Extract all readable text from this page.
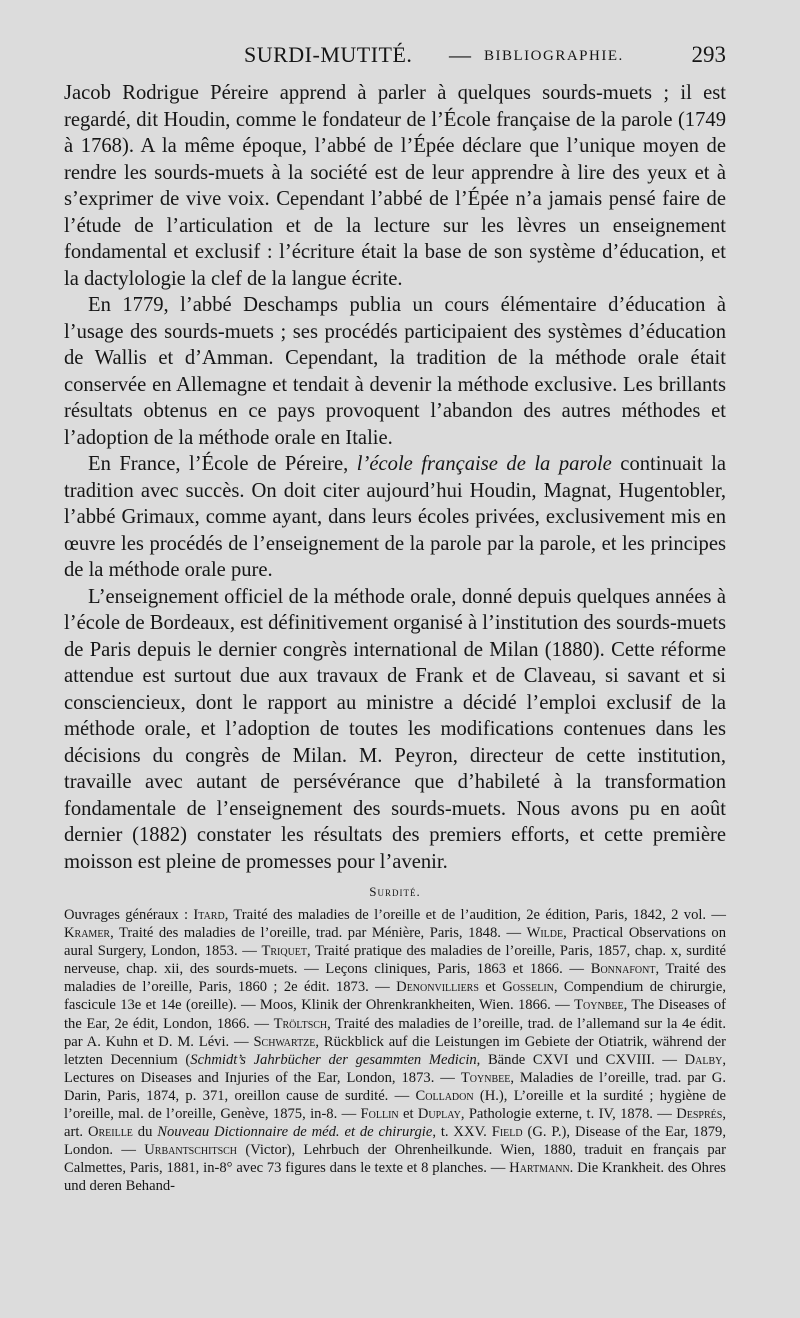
SURDI-MUTITÉ. — BIBLIOGRAPHIE.	293

Jacob Rodrigue Péreire apprend à parler à quelques sourds-muets ; il est regardé, dit Houdin, comme le fondateur de l’École française de la parole (1749 à 1768). A la même époque, l’abbé de l’Épée déclare que l’unique moyen de rendre les sourds-muets à la société est de leur apprendre à lire des yeux et à s’exprimer de vive voix. Cependant l’abbé de l’Épée n’a jamais pensé faire de l’étude de l’articulation et de la lecture sur les lèvres un enseignement fondamental et exclusif : l’écriture était la base de son système d’éducation, et la dactylologie la clef de la langue écrite.

En 1779, l’abbé Deschamps publia un cours élémentaire d’éducation à l’usage des sourds-muets ; ses procédés participaient des systèmes d’éducation de Wallis et d’Amman. Cependant, la tradition de la méthode orale était conservée en Allemagne et tendait à devenir la méthode exclusive. Les brillants résultats obtenus en ce pays provoquent l’abandon des autres méthodes et l’adoption de la méthode orale en Italie.

En France, l’École de Péreire, l’école française de la parole continuait la tradition avec succès. On doit citer aujourd’hui Houdin, Magnat, Hugentobler, l’abbé Grimaux, comme ayant, dans leurs écoles privées, exclusivement mis en œuvre les procédés de l’enseignement de la parole par la parole, et les principes de la méthode orale pure.

L’enseignement officiel de la méthode orale, donné depuis quelques années à l’école de Bordeaux, est définitivement organisé à l’institution des sourds-muets de Paris depuis le dernier congrès international de Milan (1880). Cette réforme attendue est surtout due aux travaux de Frank et de Claveau, si savant et si consciencieux, dont le rapport au ministre a décidé l’emploi exclusif de la méthode orale, et l’adoption de toutes les modifications contenues dans les décisions du congrès de Milan. M. Peyron, directeur de cette institution, travaille avec autant de persévérance que d’habileté à la transformation fondamentale de l’enseignement des sourds-muets. Nous avons pu en août dernier (1882) constater les résultats des premiers efforts, et cette première moisson est pleine de promesses pour l’avenir.

Surdité.

Ouvrages généraux : Itard, Traité des maladies de l’oreille et de l’audition, 2e édition, Paris, 1842, 2 vol. — Kramer, Traité des maladies de l’oreille, trad. par Ménière, Paris, 1848. — Wilde, Practical Observations on aural Surgery, London, 1853. — Triquet, Traité pratique des maladies de l’oreille, Paris, 1857, chap. x, surdité nerveuse, chap. xii, des sourds-muets. — Leçons cliniques, Paris, 1863 et 1866. — Bonnafont, Traité des maladies de l’oreille, Paris, 1860 ; 2e édit. 1873. — Denonvilliers et Gosselin, Compendium de chirurgie, fascicule 13e et 14e (oreille). — Moos, Klinik der Ohrenkrankheiten, Wien. 1866. — Toynbee, The Diseases of the Ear, 2e édit, London, 1866. — Tröltsch, Traité des maladies de l’oreille, trad. de l’allemand sur la 4e édit. par A. Kuhn et D. M. Lévi. — Schwartze, Rückblick auf die Leistungen im Gebiete der Otiatrik, während der letzten Decennium (Schmidt’s Jahrbücher der gesammten Medicin, Bände CXVI und CXVIII. — Dalby, Lectures on Diseases and Injuries of the Ear, London, 1873. — Toynbee, Maladies de l’oreille, trad. par G. Darin, Paris, 1874, p. 371, oreillon cause de surdité. — Colladon (H.), L’oreille et la surdité ; hygiène de l’oreille, mal. de l’oreille, Genève, 1875, in-8. — Follin et Duplay, Pathologie externe, t. IV, 1878. — Després, art. Oreille du Nouveau Dictionnaire de méd. et de chirurgie, t. XXV. Field (G. P.), Disease of the Ear, 1879, London. — Urbantschitsch (Victor), Lehrbuch der Ohrenheilkunde. Wien, 1880, traduit en français par Calmettes, Paris, 1881, in-8° avec 73 figures dans le texte et 8 planches. — Hartmann. Die Krankheit. des Ohres und deren Behand-
